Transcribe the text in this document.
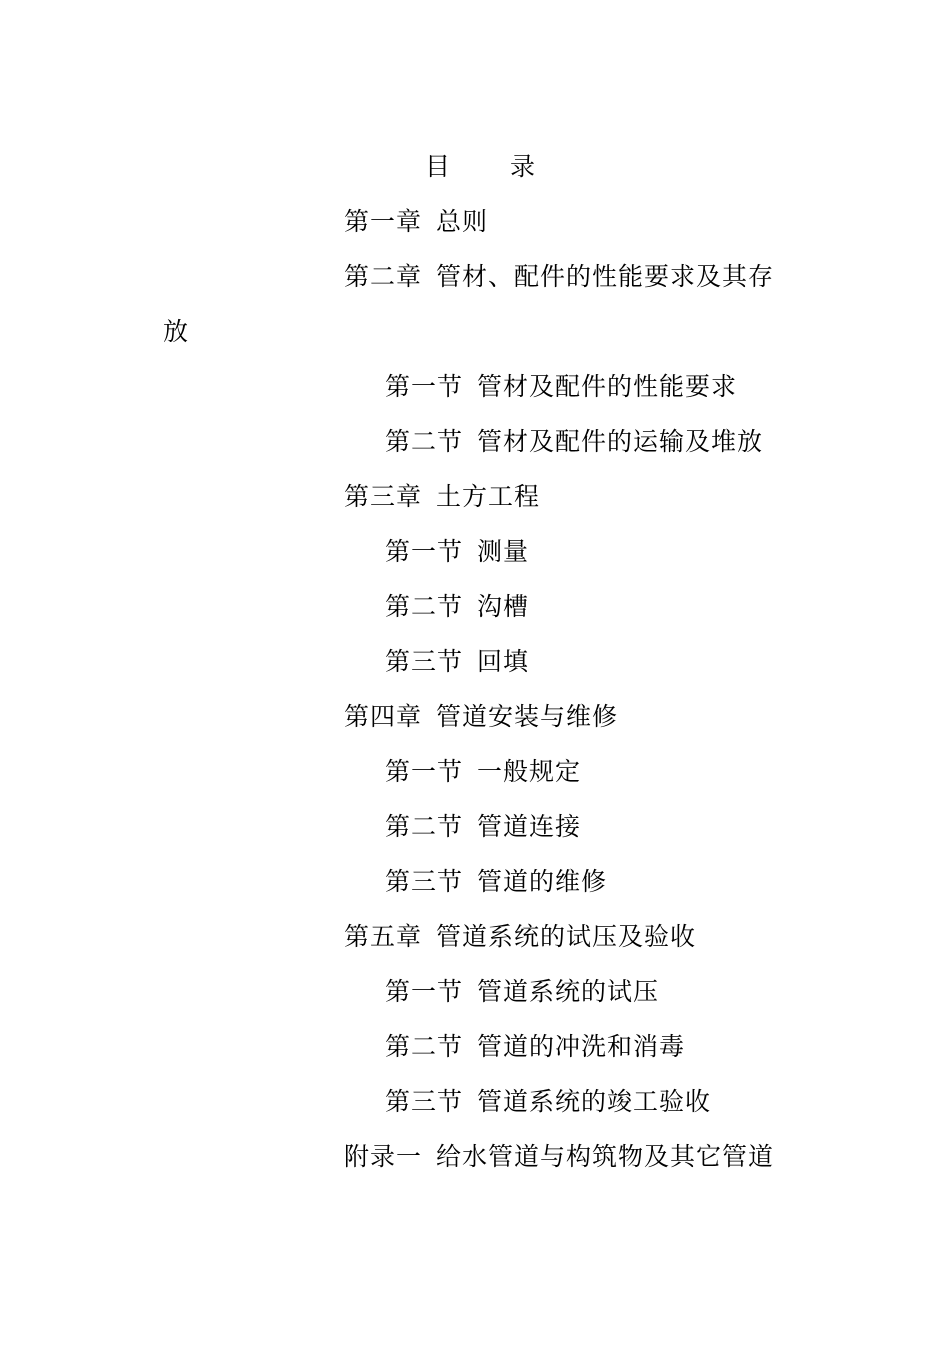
目 录
第一章 总则
第二章 管材、配件的性能要求及其存
放
第一节 管材及配件的性能要求
第二节 管材及配件的运输及堆放
第三章 土方工程
第一节 测量
第二节 沟槽
第三节 回填
第四章 管道安装与维修
第一节 一般规定
第二节 管道连接
第三节 管道的维修
第五章 管道系统的试压及验收
第一节 管道系统的试压
第二节 管道的冲洗和消毒
第三节 管道系统的竣工验收
附录一 给水管道与构筑物及其它管道
